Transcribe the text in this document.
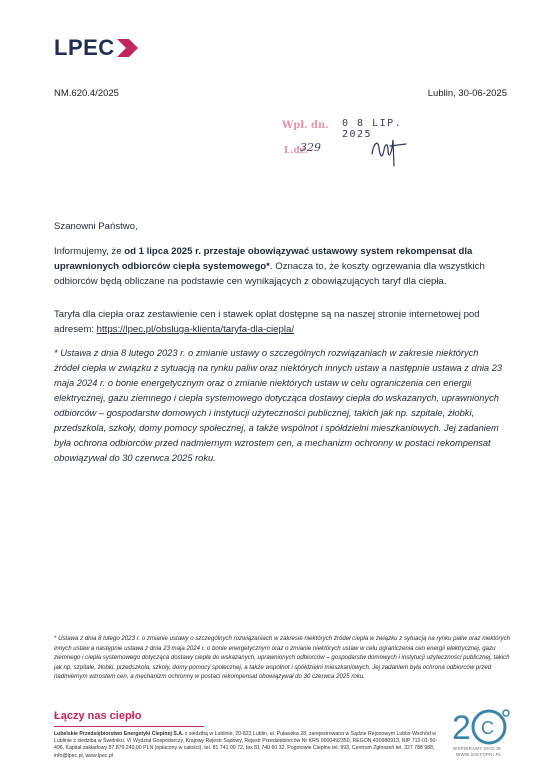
LPEC
NM.620.4/2025	Lublin, 30-06-2025
Wpł. dn. 0 8 LIP. 2025
L.dz.
329
Szanowni Państwo,
Informujemy, że od 1 lipca 2025 r. przestaje obowiązywać ustawowy system rekompensat dla uprawnionych odbiorców ciepła systemowego*. Oznacza to, że koszty ogrzewania dla wszystkich odbiorców będą obliczane na podstawie cen wynikających z obowiązujących taryf dla ciepła.
Taryfa dla ciepła oraz zestawienie cen i stawek opłat dostępne są na naszej stronie internetowej pod adresem: https://lpec.pl/obsluga-klienta/taryfa-dla-ciepla/
* Ustawa z dnia 8 lutego 2023 r. o zmianie ustawy o szczególnych rozwiązaniach w zakresie niektórych źródeł ciepła w związku z sytuacją na rynku paliw oraz niektórych innych ustaw a następnie ustawa z dnia 23 maja 2024 r. o bonie energetycznym oraz o zmianie niektórych ustaw w celu ograniczenia cen energii elektrycznej, gazu ziemnego i ciepła systemowego dotycząca dostawy ciepła do wskazanych, uprawnionych odbiorców – gospodarstw domowych i instytucji użyteczności publicznej, takich jak np. szpitale, żłobki, przedszkola, szkoły, domy pomocy społecznej, a także wspólnot i spółdzielni mieszkaniowych. Jej zadaniem była ochrona odbiorców przed nadmiernym wzrostem cen, a mechanizm ochronny w postaci rekompensat obowiązywał do 30 czerwca 2025 roku.
* Ustawa z dnia 8 lutego 2023 r. o zmianie ustawy o szczególnych rozwiązaniach w zakresie niektórych źródeł ciepła w związku z sytuacją na rynku paliw oraz niektórych innych ustaw a następnie ustawa z dnia 23 maja 2024 r. o bonie energetycznym oraz o zmianie niektórych ustaw w celu ograniczenia cen energii elektrycznej, gazu ziemnego i ciepła systemowego dotycząca dostawy ciepła do wskazanych, uprawnionych odbiorców – gospodarstw domowych i instytucji użyteczności publicznej, takich jak np. szpitale, żłobki, przedszkola, szkoły, domy pomocy społecznej, a także wspólnot i spółdzielni mieszkaniowych. Jej zadaniem była ochrona odbiorców przed nadmiernym wzrostem cen, a mechanizm ochronny w postaci rekompensat obowiązywał do 30 czerwca 2025 roku.
Łączy nas ciepło
Lubelskie Przedsiębiorstwo Energetyki Cieplnej S.A. z siedzibą w Lublinie, 20-822 Lublin, ul. Puławska 28, zarejestrowana w Sądzie Rejonowym Lublin-Wschód w Lublinie z siedzibą w Świdniku, VI Wydział Gospodarczy, Krajowy Rejestr Sądowy, Rejestr Przedsiębiorców Nr KRS 0000492350, REGON 430980913, NIP 712-01-50-496, Kapitał zakładowy 87.879.240,00 PLN (opłacony w całości), tel. 81 741 00 72, fax 81 740 60 32, Pogotowie Ciepłne tel. 993, Centrum Zgłoszeń tel. 327 788 988, info@lpec.pl, www.lpec.pl
2 C
WSPIERAMY EKO.JE
WWW.20STOPNI.PL
